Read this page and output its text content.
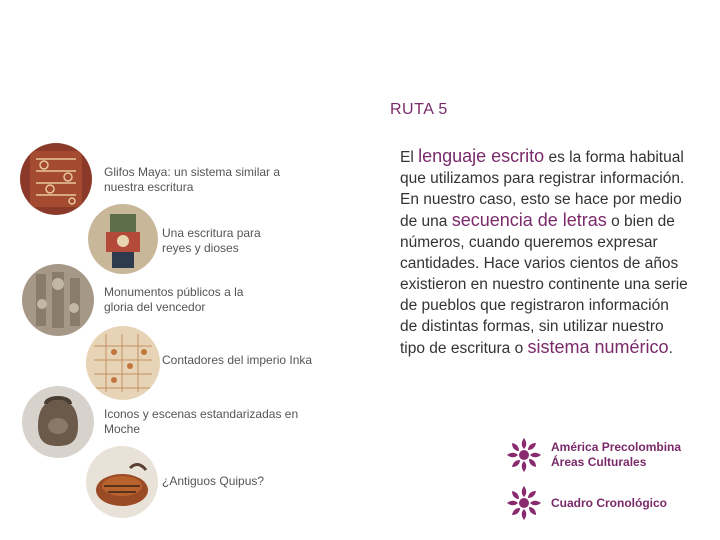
RUTA 5
Glifos Maya: un sistema similar a nuestra escritura
Una escritura para reyes y dioses
Monumentos públicos a la gloria del vencedor
Contadores del imperio Inka
Iconos y escenas estandarizadas en Moche
¿Antiguos Quipus?
El lenguaje escrito es la forma habitual que utilizamos para registrar información. En nuestro caso, esto se hace por medio de una secuencia de letras o bien de números, cuando queremos expresar cantidades. Hace varios cientos de años existieron en nuestro continente una serie de pueblos que registraron información de distintas formas, sin utilizar nuestro tipo de escritura o sistema numérico.
América Precolombina
Áreas Culturales
Cuadro Cronológico
